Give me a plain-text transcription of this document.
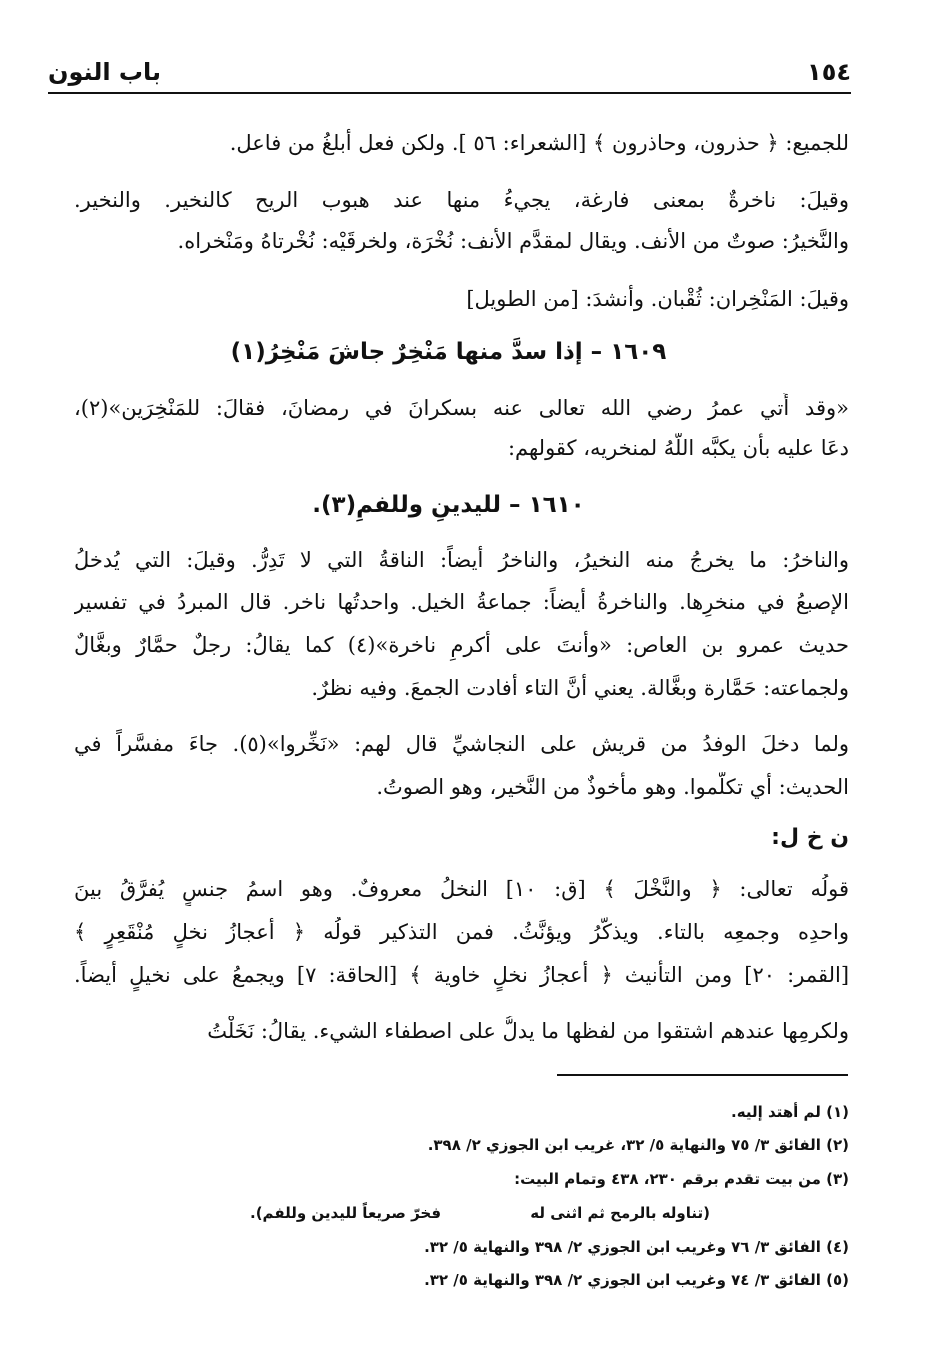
١٥٤
باب النون
للجميع: ﴿ حذرون، وحاذرون ﴾ [الشعراء: ٥٦ ]. ولكن فعل أبلغُ من فاعل.
وقيلَ: ناخرةٌ بمعنى فارغة، يجيءُ منها عند هبوب الريح كالنخير. والنخير.
والنَّخيرُ: صوتٌ من الأنف. ويقال لمقدَّم الأنف: نُخْرَة، ولخرقَيْه: نُخْرتاهُ ومَنْخراه.
وقيلَ: المَنْخِران: ثُقْبان. وأنشدَ: [من الطويل]
١٦٠٩ – إذا سدَّ منها مَنْخِرٌ جاشَ مَنْخِرُ(١)
«وقد أُتي عمرُ رضي الله تعالى عنه بسكرانَ في رمضانَ، فقالَ: للمَنْخِرَين»(٢)،
دعَا عليه بأن يكبَّه اللّهُ لمنخريه، كقولهم:
١٦١٠ – لليدينِ وللفمِ(٣).
والناخرُ: ما يخرجُ منه النخيرُ، والناخرُ أيضاً: الناقةُ التي لا تَدِرُّ. وقيلَ: التي يُدخلُ
الإصبعُ في منخرِها. والناخرةُ أيضاً: جماعةُ الخيل. واحدتُها ناخر. قال المبردُ في تفسير
حديث عمرو بن العاص: «وأنتَ على أكرمِ ناخرة»(٤) كما يقالُ: رجلٌ حمَّارٌ وبغَّالٌ
ولجماعته: حَمَّارة وبغَّالة. يعني أنَّ التاء أفادت الجمعَ. وفيه نظرٌ.
ولما دخلَ الوفدُ من قريش على النجاشيِّ قال لهم: «نَخِّروا»(٥). جاءَ مفسَّراً في
الحديث: أي تكلَّموا. وهو مأخوذٌ من النَّخير، وهو الصوتُ.
ن خ ل:
قولُه تعالى: ﴿ والنَّخْلَ ﴾ [ق: ١٠] النخلُ معروفٌ. وهو اسمُ جنسٍ يُفرَّقُ بينَ
واحدِه وجمعِه بالتاء. ويذكَّرُ ويؤنَّثُ. فمن التذكير قولُه ﴿ أعجازُ نخلٍ مُنْقَعِرٍ ﴾
[القمر: ٢٠] ومن التأنيث ﴿ أعجازُ نخلٍ خاوية ﴾ [الحاقة: ٧] ويجمعُ على نخيلٍ أيضاً.
ولكرمِها عندهم اشتقوا من لفظها ما يدلُّ على اصطفاء الشيء. يقالُ: نَخَلْتُ
(١) لم أهتد إليه.
(٢) الفائق ٣/ ٧٥ والنهاية ٥/ ٣٢، غريب ابن الجوزي ٢/ ٣٩٨.
(٣) من بيت تقدم برقم ٢٣٠، ٤٣٨ وتمام البيت:
(تناوله بالرمح ثم اثنى له
فخرّ صريعاً لليدين وللفم).
(٤) الفائق ٣/ ٧٦ وغريب ابن الجوزي ٢/ ٣٩٨ والنهاية ٥/ ٣٢.
(٥) الفائق ٣/ ٧٤ وغريب ابن الجوزي ٢/ ٣٩٨ والنهاية ٥/ ٣٢.
